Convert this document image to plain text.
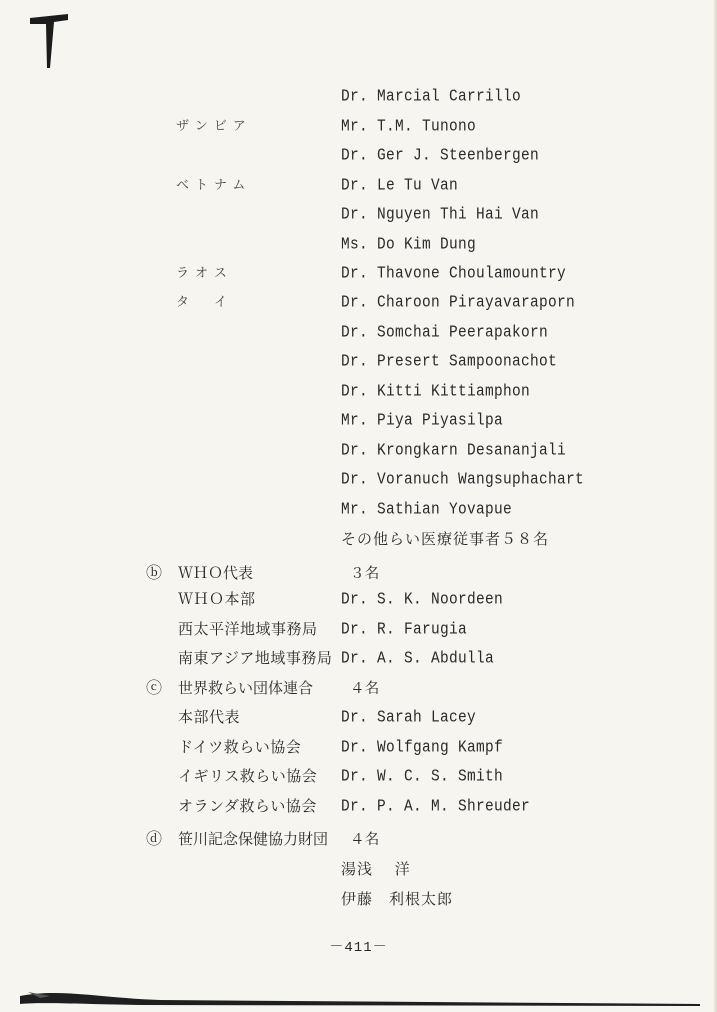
Dr. Marcial Carrillo
ザンビア	Mr. T.M. Tunono
Dr. Ger J. Steenbergen
ベトナム	Dr. Le Tu Van
Dr. Nguyen Thi Hai Van
Ms. Do Kim Dung
ラオス	Dr. Thavone Choulamountry
タ　イ	Dr. Charoon Pirayavaraporn
Dr. Somchai Peerapakorn
Dr. Presert Sampoonachot
Dr. Kitti Kittiamphon
Mr. Piya Piyasilpa
Dr. Krongkarn Desananjali
Dr. Voranuch Wangsuphachart
Mr. Sathian Yovapue
その他らい医療従事者５８名
ⓑ	ＷＨＯ代表	３名
ＷＨＯ本部	Dr. S. K. Noordeen
西太平洋地域事務局 Dr. R. Farugia
南東アジア地域事務局 Dr. A. S. Abdulla
ⓒ	世界救らい団体連合	４名
本部代表	Dr. Sarah Lacey
ドイツ救らい協会	Dr. Wolfgang Kampf
イギリス救らい協会 Dr. W. C. S. Smith
オランダ救らい協会 Dr. P. A. M. Shreuder
ⓓ	笹川記念保健協力財団 ４名
湯浅　 洋
伊藤　利根太郎
－411－
